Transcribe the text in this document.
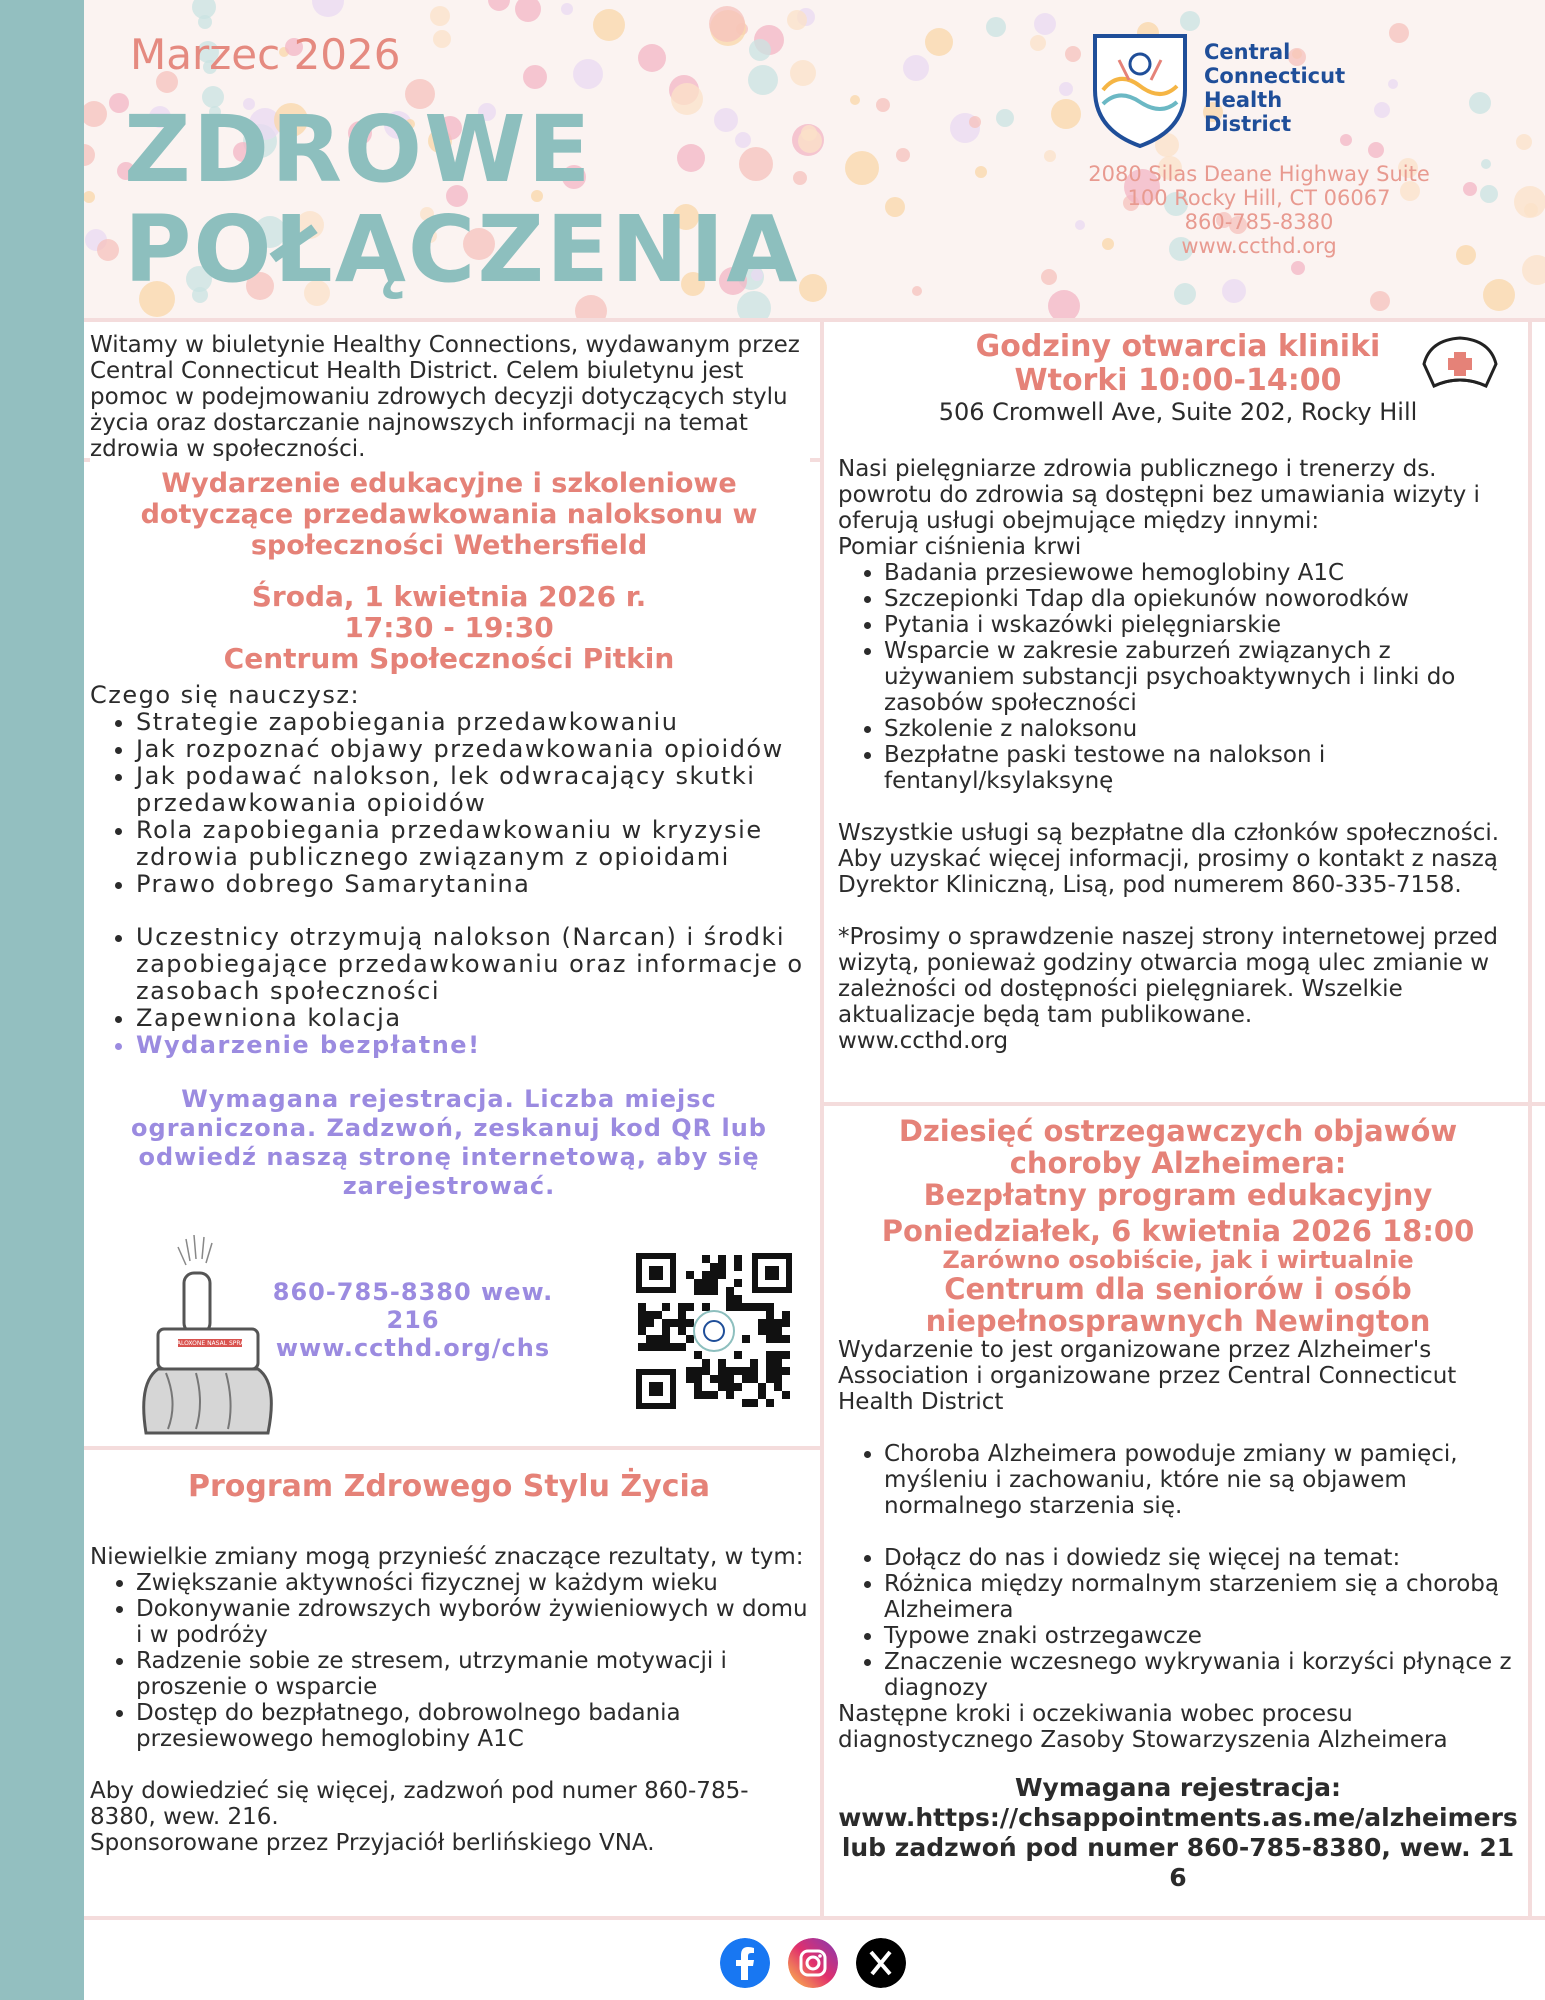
Marzec 2026
ZDROWE
POŁĄCZENIA
Central
Connecticut
Health
District
2080 Silas Deane Highway Suite
100 Rocky Hill, CT 06067
860-785-8380
www.ccthd.org
Witamy w biuletynie Healthy Connections, wydawanym przez Central Connecticut Health District. Celem biuletynu jest pomoc w podejmowaniu zdrowych decyzji dotyczących stylu życia oraz dostarczanie najnowszych informacji na temat zdrowia w społeczności.
Wydarzenie edukacyjne i szkoleniowe dotyczące przedawkowania naloksonu w społeczności Wethersfield
Środa, 1 kwietnia 2026 r.
17:30 - 19:30
Centrum Społeczności Pitkin
Czego się nauczysz:
• Strategie zapobiegania przedawkowaniu
• Jak rozpoznać objawy przedawkowania opioidów
• Jak podawać nalokson, lek odwracający skutki przedawkowania opioidów
• Rola zapobiegania przedawkowaniu w kryzysie zdrowia publicznego związanym z opioidami
• Prawo dobrego Samarytanina
• Uczestnicy otrzymują nalokson (Narcan) i środki zapobiegające przedawkowaniu oraz informacje o zasobach społeczności
• Zapewniona kolacja
• Wydarzenie bezpłatne!
Wymagana rejestracja. Liczba miejsc ograniczona. Zadzwoń, zeskanuj kod QR lub odwiedź naszą stronę internetową, aby się zarejestrować.
860-785-8380 wew. 216
www.ccthd.org/chs
NALOXONE NASAL SPRAY
Godziny otwarcia kliniki
Wtorki 10:00-14:00
506 Cromwell Ave, Suite 202, Rocky Hill
Nasi pielęgniarze zdrowia publicznego i trenerzy ds. powrotu do zdrowia są dostępni bez umawiania wizyty i oferują usługi obejmujące między innymi:
Pomiar ciśnienia krwi
• Badania przesiewowe hemoglobiny A1C
• Szczepionki Tdap dla opiekunów noworodków
• Pytania i wskazówki pielęgniarskie
• Wsparcie w zakresie zaburzeń związanych z używaniem substancji psychoaktywnych i linki do zasobów społeczności
• Szkolenie z naloksonu
• Bezpłatne paski testowe na nalokson i fentanyl/ksylaksynę
Wszystkie usługi są bezpłatne dla członków społeczności. Aby uzyskać więcej informacji, prosimy o kontakt z naszą Dyrektor Kliniczną, Lisą, pod numerem 860-335-7158.
*Prosimy o sprawdzenie naszej strony internetowej przed wizytą, ponieważ godziny otwarcia mogą ulec zmianie w zależności od dostępności pielęgniarek. Wszelkie aktualizacje będą tam publikowane.
www.ccthd.org
Program Zdrowego Stylu Życia
Niewielkie zmiany mogą przynieść znaczące rezultaty, w tym:
• Zwiększanie aktywności fizycznej w każdym wieku
• Dokonywanie zdrowszych wyborów żywieniowych w domu i w podróży
• Radzenie sobie ze stresem, utrzymanie motywacji i proszenie o wsparcie
• Dostęp do bezpłatnego, dobrowolnego badania przesiewowego hemoglobiny A1C
Aby dowiedzieć się więcej, zadzwoń pod numer 860-785-8380, wew. 216.
Sponsorowane przez Przyjaciół berlińskiego VNA.
Dziesięć ostrzegawczych objawów choroby Alzheimera:
Bezpłatny program edukacyjny
Poniedziałek, 6 kwietnia 2026 18:00
Zarówno osobiście, jak i wirtualnie
Centrum dla seniorów i osób niepełnosprawnych Newington
Wydarzenie to jest organizowane przez Alzheimer's Association i organizowane przez Central Connecticut Health District
• Choroba Alzheimera powoduje zmiany w pamięci, myśleniu i zachowaniu, które nie są objawem normalnego starzenia się.
• Dołącz do nas i dowiedz się więcej na temat:
• Różnica między normalnym starzeniem się a chorobą Alzheimera
• Typowe znaki ostrzegawcze
• Znaczenie wczesnego wykrywania i korzyści płynące z diagnozy
Następne kroki i oczekiwania wobec procesu diagnostycznego Zasoby Stowarzyszenia Alzheimera
Wymagana rejestracja:
www.https://chsappointments.as.me/alzheimers lub zadzwoń pod numer 860-785-8380, wew. 216
